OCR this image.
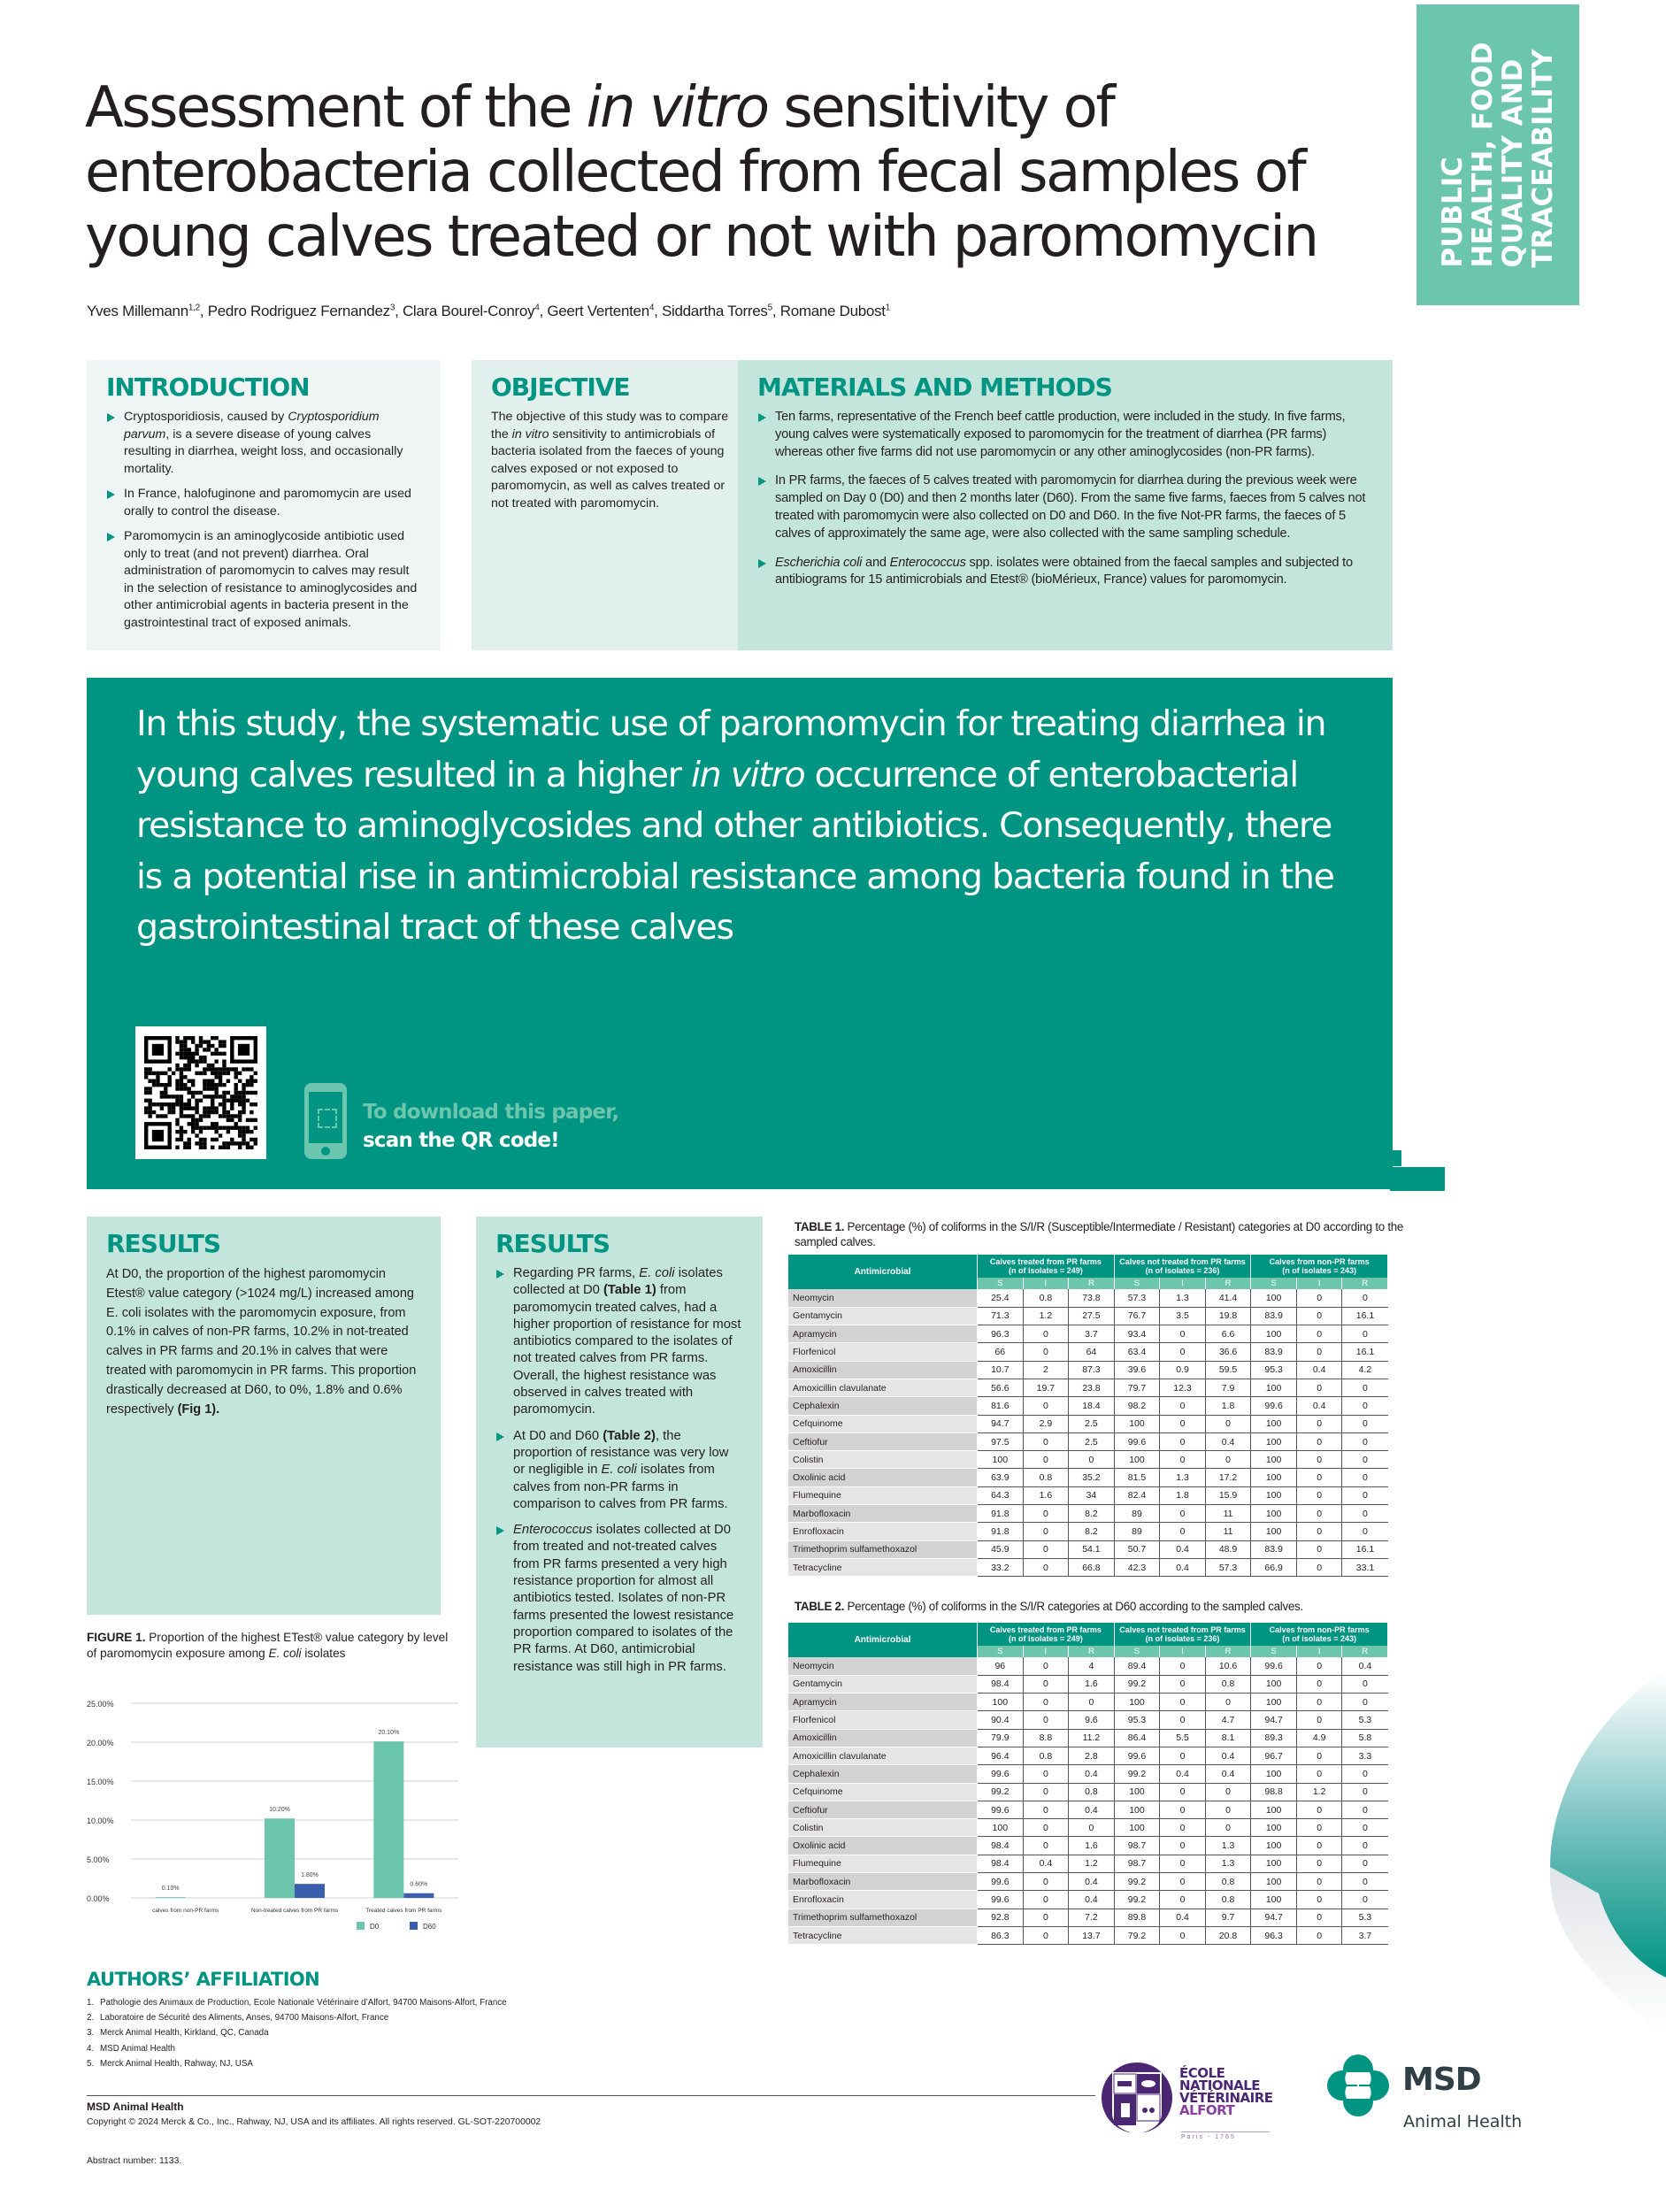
Assessment of the in vitro sensitivity of enterobacteria collected from fecal samples of young calves treated or not with paromomycin
Yves Millemann$^{1,2}$, Pedro Rodriguez Fernandez$^3$, Clara Bourel-Conroy$^4$, Geert Vertenten$^4$, Siddartha Torres$^5$, Romane Dubost$^1$
PUBLIC
HEALTH, FOOD
QUALITY AND
TRACEABILITY
INTRODUCTION
Cryptosporidiosis, caused by Cryptosporidium parvum, is a severe disease of young calves resulting in diarrhea, weight loss, and occasionally mortality.
In France, halofuginone and paromomycin are used orally to control the disease.
Paromomycin is an aminoglycoside antibiotic used only to treat (and not prevent) diarrhea. Oral administration of paromomycin to calves may result in the selection of resistance to aminoglycosides and other antimicrobial agents in bacteria present in the gastrointestinal tract of exposed animals.
OBJECTIVE

The objective of this study was to compare the in vitro sensitivity to antimicrobials of bacteria isolated from the faeces of young calves exposed or not exposed to paromomycin, as well as calves treated or not treated with paromomycin.

MATERIALS AND METHODS
Ten farms, representative of the French beef cattle production, were included in the study. In five farms, young calves were systematically exposed to paromomycin for the treatment of diarrhea (PR farms) whereas other five farms did not use paromomycin or any other aminoglycosides (non-PR farms).
In PR farms, the faeces of 5 calves treated with paromomycin for diarrhea during the previous week were sampled on Day 0 (D0) and then 2 months later (D60). From the same five farms, faeces from 5 calves not treated with paromomycin were also collected on D0 and D60. In the five Not-PR farms, the faeces of 5 calves of approximately the same age, were also collected with the same sampling schedule.
Escherichia coli and Enterococcus spp. isolates were obtained from the faecal samples and subjected to antibiograms for 15 antimicrobials and Etest® (bioMérieux, France) values for paromomycin.

In this study, the systematic use of paromomycin for treating diarrhea in young calves resulted in a higher in vitro occurrence of enterobacterial resistance to aminoglycosides and other antibiotics. Consequently, there is a potential rise in antimicrobial resistance among bacteria found in the gastrointestinal tract of these calves

To download this paper,
scan the QR code!
RESULTS

At D0, the proportion of the highest paromomycin Etest® value category (>1024 mg/L) increased among E. coli isolates with the paromomycin exposure, from 0.1% in calves of non-PR farms, 10.2% in not-treated calves in PR farms and 20.1% in calves that were treated with paromomycin in PR farms. This proportion drastically decreased at D60, to 0%, 1.8% and 0.6% respectively (Fig 1).

RESULTS
Regarding PR farms, E. coli isolates collected at D0 (Table 1) from paromomycin treated calves, had a higher proportion of resistance for most antibiotics compared to the isolates of not treated calves from PR farms. Overall, the highest resistance was observed in calves treated with paromomycin.
At D0 and D60 (Table 2), the proportion of resistance was very low or negligible in E. coli isolates from calves from non-PR farms in comparison to calves from PR farms.
Enterococcus isolates collected at D0 from treated and not-treated calves from PR farms presented a very high resistance proportion for almost all antibiotics tested. Isolates of non-PR farms presented the lowest resistance proportion compared to isolates of the PR farms. At D60, antimicrobial resistance was still high in PR farms.
FIGURE 1. Proportion of the highest ETest® value category by level of paromomycin exposure among E. coli isolates
0.00%
5.00%
10.00%
15.00%
20.00%
25.00%
0.10%
calves from non-PR farms
10.20%
1.80%
Non-treated calves from PR farms
20.10%
0.60%
Treated calves from PR farms
D0	D60
TABLE 1. Percentage (%) of coliforms in the S/I/R (Susceptible/Intermediate / Resistant) categories at D0 according to the sampled calves.
Antimicrobial	Calves treated from PR farms
(n of isolates = 249)			Calves not treated from PR farms
(n of isolates = 236)			Calves from non-PR farms
(n of isolates = 243)		
	S	I	R	S	I	R	S	I	R
Neomycin	25.4	0.8	73.8	57.3	1.3	41.4	100	0	0
Gentamycin	71.3	1.2	27.5	76.7	3.5	19.8	83.9	0	16.1
Apramycin	96.3	0	3.7	93.4	0	6.6	100	0	0
Florfenicol	66	0	64	63.4	0	36.6	83.9	0	16.1
Amoxicillin	10.7	2	87.3	39.6	0.9	59.5	95.3	0.4	4.2
Amoxicillin clavulanate	56.6	19.7	23.8	79.7	12.3	7.9	100	0	0
Cephalexin	81.6	0	18.4	98.2	0	1.8	99.6	0.4	0
Cefquinome	94.7	2.9	2.5	100	0	0	100	0	0
Ceftiofur	97.5	0	2.5	99.6	0	0.4	100	0	0
Colistin	100	0	0	100	0	0	100	0	0
Oxolinic acid	63.9	0.8	35.2	81.5	1.3	17.2	100	0	0
Flumequine	64.3	1.6	34	82.4	1.8	15.9	100	0	0
Marbofloxacin	91.8	0	8.2	89	0	11	100	0	0
Enrofloxacin	91.8	0	8.2	89	0	11	100	0	0
Trimethoprim sulfamethoxazol	45.9	0	54.1	50.7	0.4	48.9	83.9	0	16.1
Tetracycline	33.2	0	66.8	42.3	0.4	57.3	66.9	0	33.1
TABLE 2. Percentage (%) of coliforms in the S/I/R categories at D60 according to the sampled calves.
Antimicrobial	Calves treated from PR farms
(n of isolates = 249)			Calves not treated from PR farms
(n of isolates = 236)			Calves from non-PR farms
(n of isolates = 243)		
	S	I	R	S	I	R	S	I	R
Neomycin	96	0	4	89.4	0	10.6	99.6	0	0.4
Gentamycin	98.4	0	1.6	99.2	0	0.8	100	0	0
Apramycin	100	0	0	100	0	0	100	0	0
Florfenicol	90.4	0	9.6	95.3	0	4.7	94.7	0	5.3
Amoxicillin	79.9	8.8	11.2	86.4	5.5	8.1	89.3	4.9	5.8
Amoxicillin clavulanate	96.4	0.8	2.8	99.6	0	0.4	96.7	0	3.3
Cephalexin	99.6	0	0.4	99.2	0.4	0.4	100	0	0
Cefquinome	99.2	0	0.8	100	0	0	98.8	1.2	0
Ceftiofur	99.6	0	0.4	100	0	0	100	0	0
Colistin	100	0	0	100	0	0	100	0	0
Oxolinic acid	98.4	0	1.6	98.7	0	1.3	100	0	0
Flumequine	98.4	0.4	1.2	98.7	0	1.3	100	0	0
Marbofloxacin	99.6	0	0.4	99.2	0	0.8	100	0	0
Enrofloxacin	99.6	0	0.4	99.2	0	0.8	100	0	0
Trimethoprim sulfamethoxazol	92.8	0	7.2	89.8	0.4	9.7	94.7	0	5.3
Tetracycline	86.3	0	13.7	79.2	0	20.8	96.3	0	3.7
AUTHORS’ AFFILIATION
1. Pathologie des Animaux de Production, Ecole Nationale Vétérinaire d’Alfort, 94700 Maisons-Alfort, France
2. Laboratoire de Sécurité des Aliments, Anses, 94700 Maisons-Alfort, France
3. Merck Animal Health, Kirkland, QC, Canada
4. MSD Animal Health
5. Merck Animal Health, Rahway, NJ, USA
MSD Animal Health
Copyright © 2024 Merck & Co., Inc., Rahway, NJ, USA and its affiliates. All rights reserved. GL-SOT-220700002
Abstract number: 1133.
ÉCOLE
NATIONALE
VÉTÉRINAIRE
ALFORT
Paris - 1765
MSD
Animal Health
